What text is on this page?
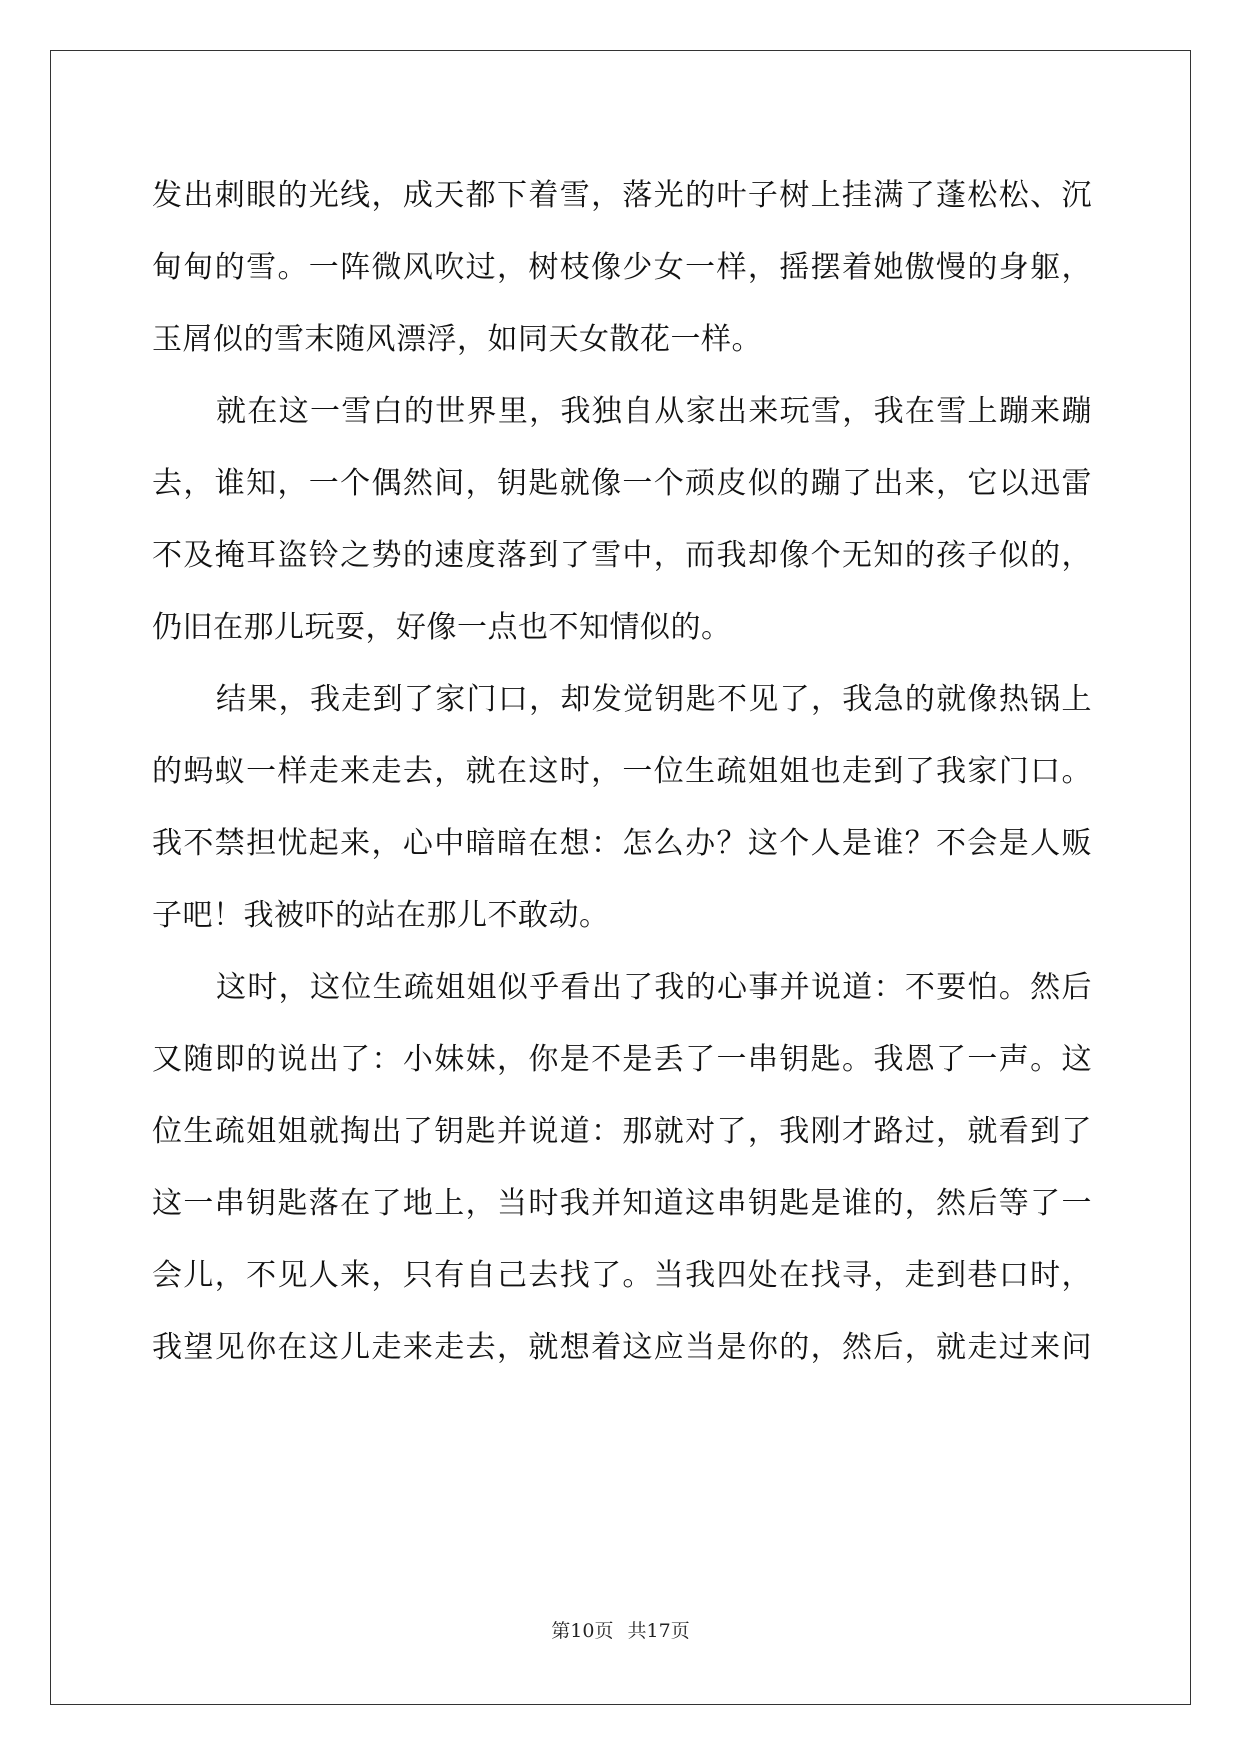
发出刺眼的光线，成天都下着雪，落光的叶子树上挂满了蓬松松、沉
甸甸的雪。一阵微风吹过，树枝像少女一样，摇摆着她傲慢的身躯，
玉屑似的雪末随风漂浮，如同天女散花一样。
就在这一雪白的世界里，我独自从家出来玩雪，我在雪上蹦来蹦
去，谁知，一个偶然间，钥匙就像一个顽皮似的蹦了出来，它以迅雷
不及掩耳盗铃之势的速度落到了雪中，而我却像个无知的孩子似的，
仍旧在那儿玩耍，好像一点也不知情似的。
结果，我走到了家门口，却发觉钥匙不见了，我急的就像热锅上
的蚂蚁一样走来走去，就在这时，一位生疏姐姐也走到了我家门口。
我不禁担忧起来，心中暗暗在想：怎么办？这个人是谁？不会是人贩
子吧！我被吓的站在那儿不敢动。
这时，这位生疏姐姐似乎看出了我的心事并说道：不要怕。然后
又随即的说出了：小妹妹，你是不是丢了一串钥匙。我恩了一声。这
位生疏姐姐就掏出了钥匙并说道：那就对了，我刚才路过，就看到了
这一串钥匙落在了地上，当时我并知道这串钥匙是谁的，然后等了一
会儿，不见人来，只有自己去找了。当我四处在找寻，走到巷口时，
我望见你在这儿走来走去，就想着这应当是你的，然后，就走过来问
第10页 共17页
